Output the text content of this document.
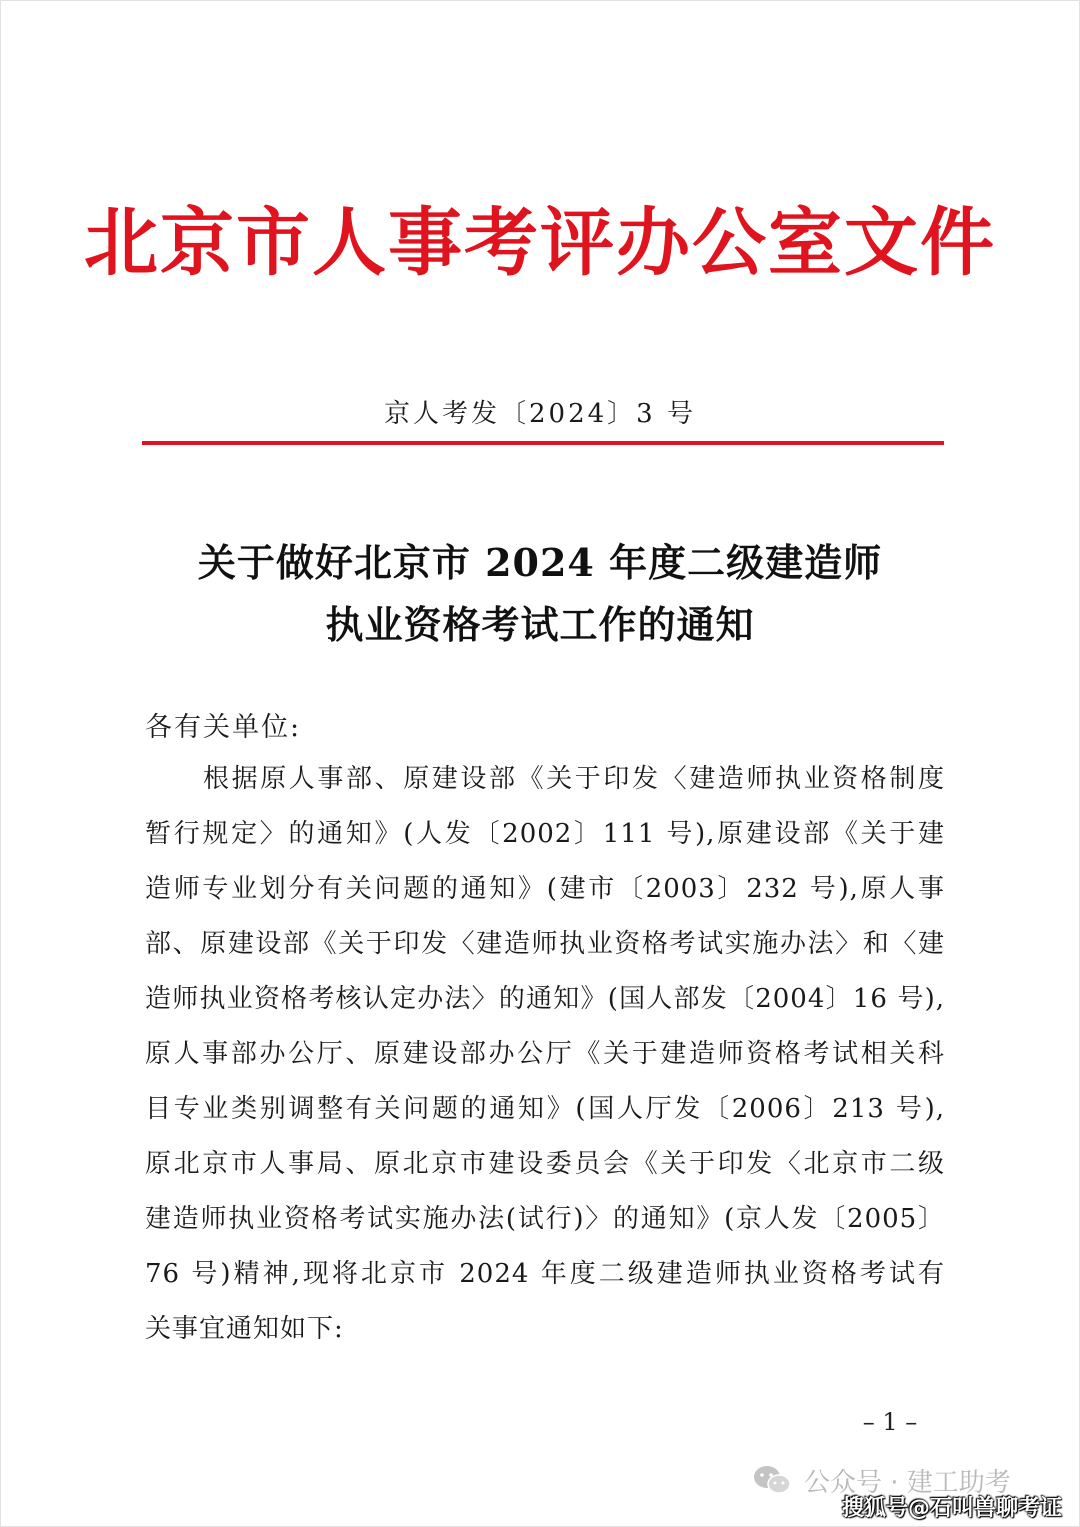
北京市人事考评办公室文件
京人考发〔2024〕3 号
关于做好北京市 2024 年度二级建造师
执业资格考试工作的通知
各有关单位:
根据原人事部、原建设部《关于印发〈建造师执业资格制度
暂行规定〉的通知》(人发〔2002〕111 号),原建设部《关于建
造师专业划分有关问题的通知》(建市〔2003〕232 号),原人事
部、原建设部《关于印发〈建造师执业资格考试实施办法〉和〈建
造师执业资格考核认定办法〉的通知》(国人部发〔2004〕16 号),
原人事部办公厅、原建设部办公厅《关于建造师资格考试相关科
目专业类别调整有关问题的通知》(国人厅发〔2006〕213 号),
原北京市人事局、原北京市建设委员会《关于印发〈北京市二级
建造师执业资格考试实施办法(试行)〉的通知》(京人发〔2005〕
76 号)精神,现将北京市 2024 年度二级建造师执业资格考试有
关事宜通知如下:
– 1 –
公众号 · 建工助考
搜狐号@石叫兽聊考证
